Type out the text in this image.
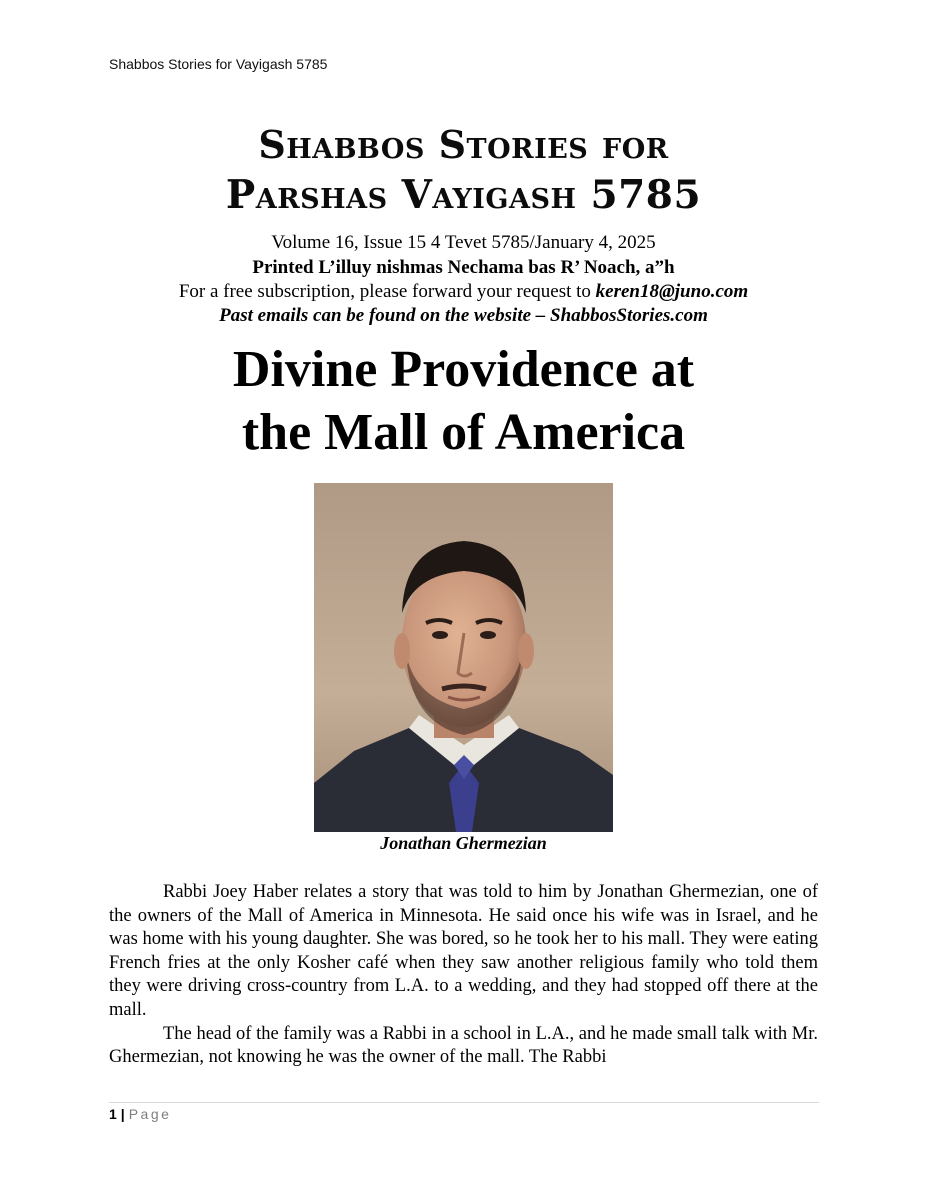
Shabbos Stories for Vayigash 5785
Shabbos Stories for
Parshas Vayigash 5785
Volume 16, Issue 15 4 Tevet 5785/January 4, 2025
Printed L’illuy nishmas Nechama bas R’ Noach, a”h
For a free subscription, please forward your request to keren18@juno.com
Past emails can be found on the website – ShabbosStories.com
Divine Providence at
the Mall of America
Jonathan Ghermezian

Rabbi Joey Haber relates a story that was told to him by Jonathan Ghermezian, one of the owners of the Mall of America in Minnesota. He said once his wife was in Israel, and he was home with his young daughter. She was bored, so he took her to his mall. They were eating French fries at the only Kosher café when they saw another religious family who told them they were driving cross-country from L.A. to a wedding, and they had stopped off there at the mall.

The head of the family was a Rabbi in a school in L.A., and he made small talk with Mr. Ghermezian, not knowing he was the owner of the mall. The Rabbi

1 | Page
